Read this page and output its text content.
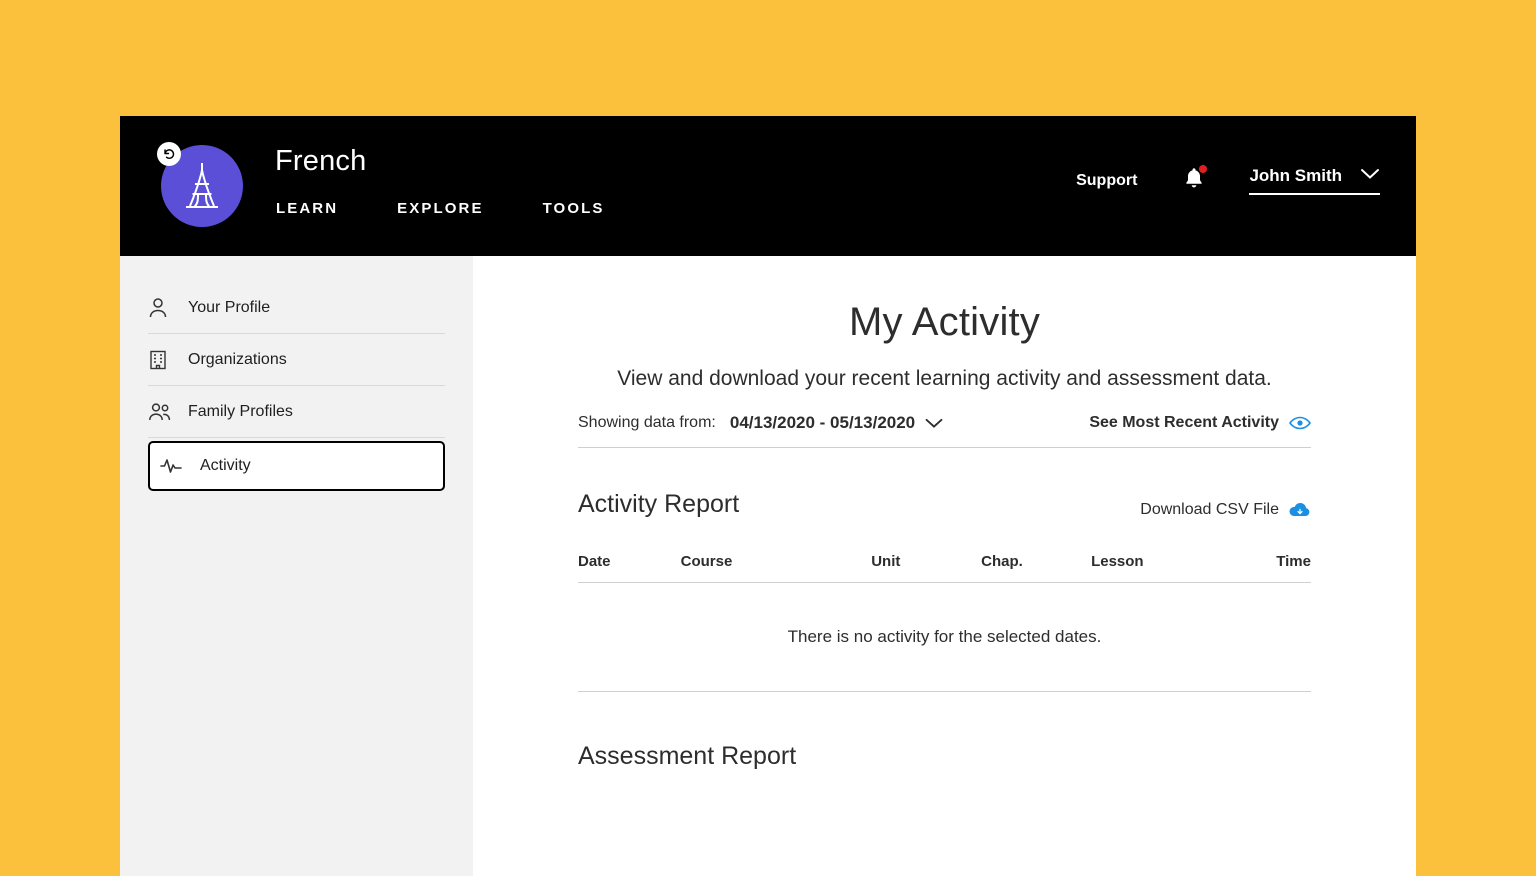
French
LEARN	EXPLORE	TOOLS
Support	John Smith
Your Profile
Organizations
Family Profiles
Activity
My Activity

View and download your recent learning activity and assessment data.

Showing data from: 04/13/2020 - 05/13/2020	See Most Recent Activity
Activity Report	Download CSV File
Date	Course	Unit	Chap.	Lesson	Time
There is no activity for the selected dates.
Assessment Report
